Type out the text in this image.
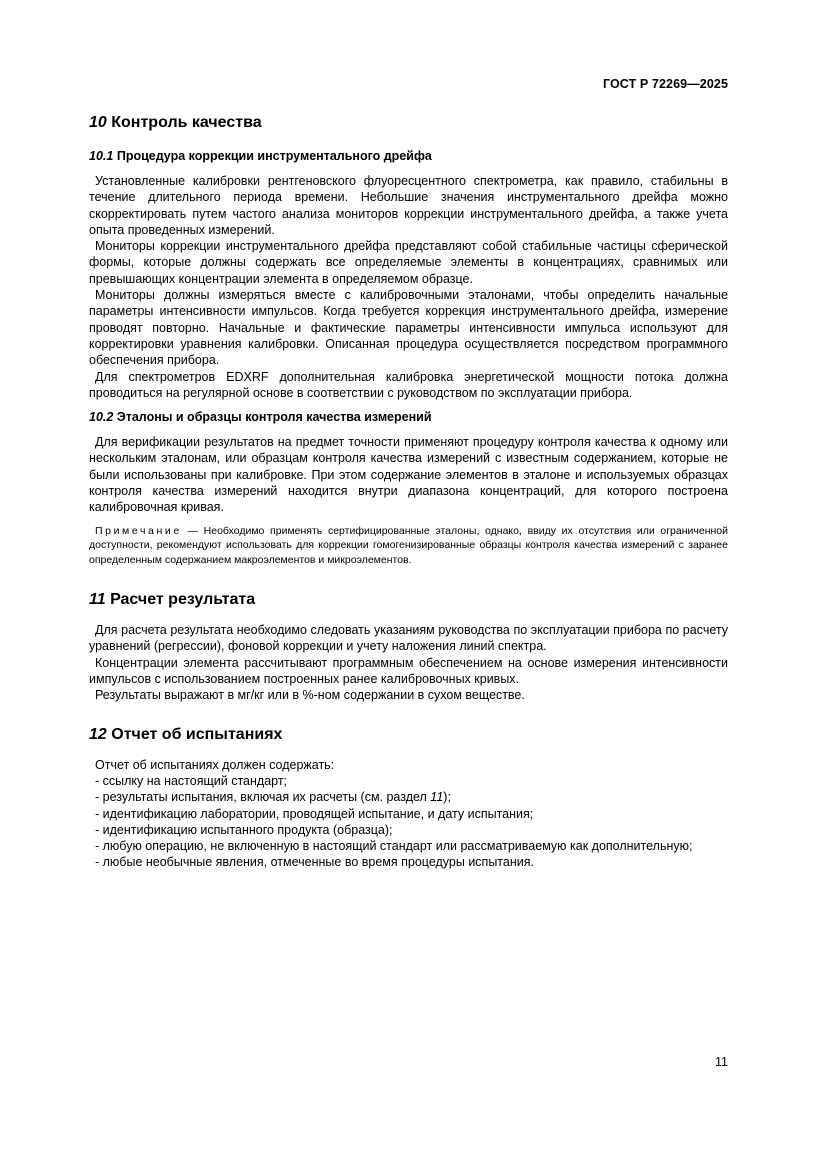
ГОСТ Р 72269—2025
10 Контроль качества
10.1 Процедура коррекции инструментального дрейфа

Установленные калибровки рентгеновского флуоресцентного спектрометра, как правило, стабильны в течение длительного периода времени. Небольшие значения инструментального дрейфа можно скорректировать путем частого анализа мониторов коррекции инструментального дрейфа, а также учета опыта проведенных измерений.

Мониторы коррекции инструментального дрейфа представляют собой стабильные частицы сферической формы, которые должны содержать все определяемые элементы в концентрациях, сравнимых или превышающих концентрации элемента в определяемом образце.

Мониторы должны измеряться вместе с калибровочными эталонами, чтобы определить начальные параметры интенсивности импульсов. Когда требуется коррекция инструментального дрейфа, измерение проводят повторно. Начальные и фактические параметры интенсивности импульса используют для корректировки уравнения калибровки. Описанная процедура осуществляется посредством программного обеспечения прибора.

Для спектрометров EDXRF дополнительная калибровка энергетической мощности потока должна проводиться на регулярной основе в соответствии с руководством по эксплуатации прибора.

10.2 Эталоны и образцы контроля качества измерений

Для верификации результатов на предмет точности применяют процедуру контроля качества к одному или нескольким эталонам, или образцам контроля качества измерений с известным содержанием, которые не были использованы при калибровке. При этом содержание элементов в эталоне и используемых образцах контроля качества измерений находится внутри диапазона концентраций, для которого построена калибровочная кривая.

Примечание — Необходимо применять сертифицированные эталоны, однако, ввиду их отсутствия или ограниченной доступности, рекомендуют использовать для коррекции гомогенизированные образцы контроля качества измерений с заранее определенным содержанием макроэлементов и микроэлементов.

11 Расчет результата

Для расчета результата необходимо следовать указаниям руководства по эксплуатации прибора по расчету уравнений (регрессии), фоновой коррекции и учету наложения линий спектра.

Концентрации элемента рассчитывают программным обеспечением на основе измерения интенсивности импульсов с использованием построенных ранее калибровочных кривых.

Результаты выражают в мг/кг или в %-ном содержании в сухом веществе.

12 Отчет об испытаниях

Отчет об испытаниях должен содержать:

- ссылку на настоящий стандарт;

- результаты испытания, включая их расчеты (см. раздел 11);

- идентификацию лаборатории, проводящей испытание, и дату испытания;

- идентификацию испытанного продукта (образца);

- любую операцию, не включенную в настоящий стандарт или рассматриваемую как дополнительную;

- любые необычные явления, отмеченные во время процедуры испытания.

11
